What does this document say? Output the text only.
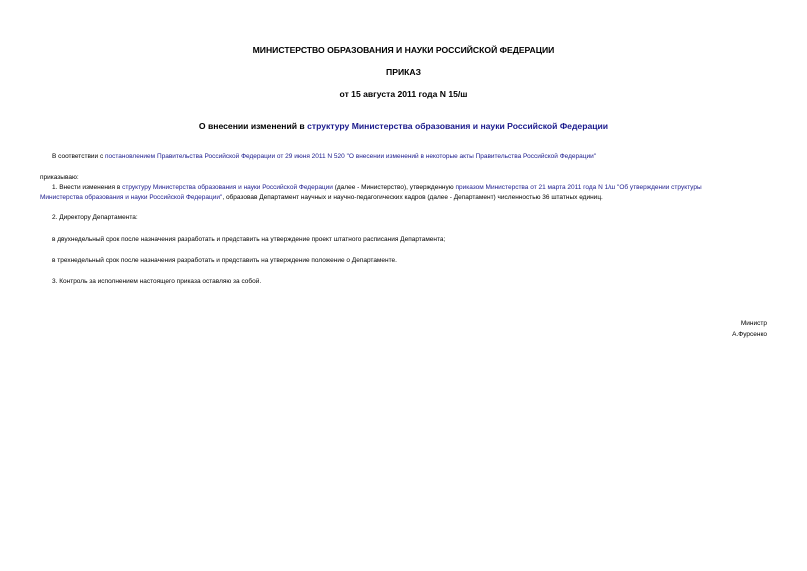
МИНИСТЕРСТВО ОБРАЗОВАНИЯ И НАУКИ РОССИЙСКОЙ ФЕДЕРАЦИИ
ПРИКАЗ
от 15 августа 2011 года N 15/ш
О внесении изменений в структуру Министерства образования и науки Российской Федерации
В соответствии с постановлением Правительства Российской Федерации от 29 июня 2011 N 520 "О внесении изменений в некоторые акты Правительства Российской Федерации"
приказываю:
1. Внести изменения в структуру Министерства образования и науки Российской Федерации (далее - Министерство), утвержденную приказом Министерства от 21 марта 2011 года N 1/ш "Об утверждении структуры
Министерства образования и науки Российской Федерации", образовав Департамент научных и научно-педагогических кадров (далее - Департамент) численностью 36 штатных единиц.
2. Директору Департамента:
в двухнедельный срок после назначения разработать и представить на утверждение проект штатного расписания Департамента;
в трехнедельный срок после назначения разработать и представить на утверждение положение о Департаменте.
3. Контроль за исполнением настоящего приказа оставляю за собой.
Министр
А.Фурсенко
